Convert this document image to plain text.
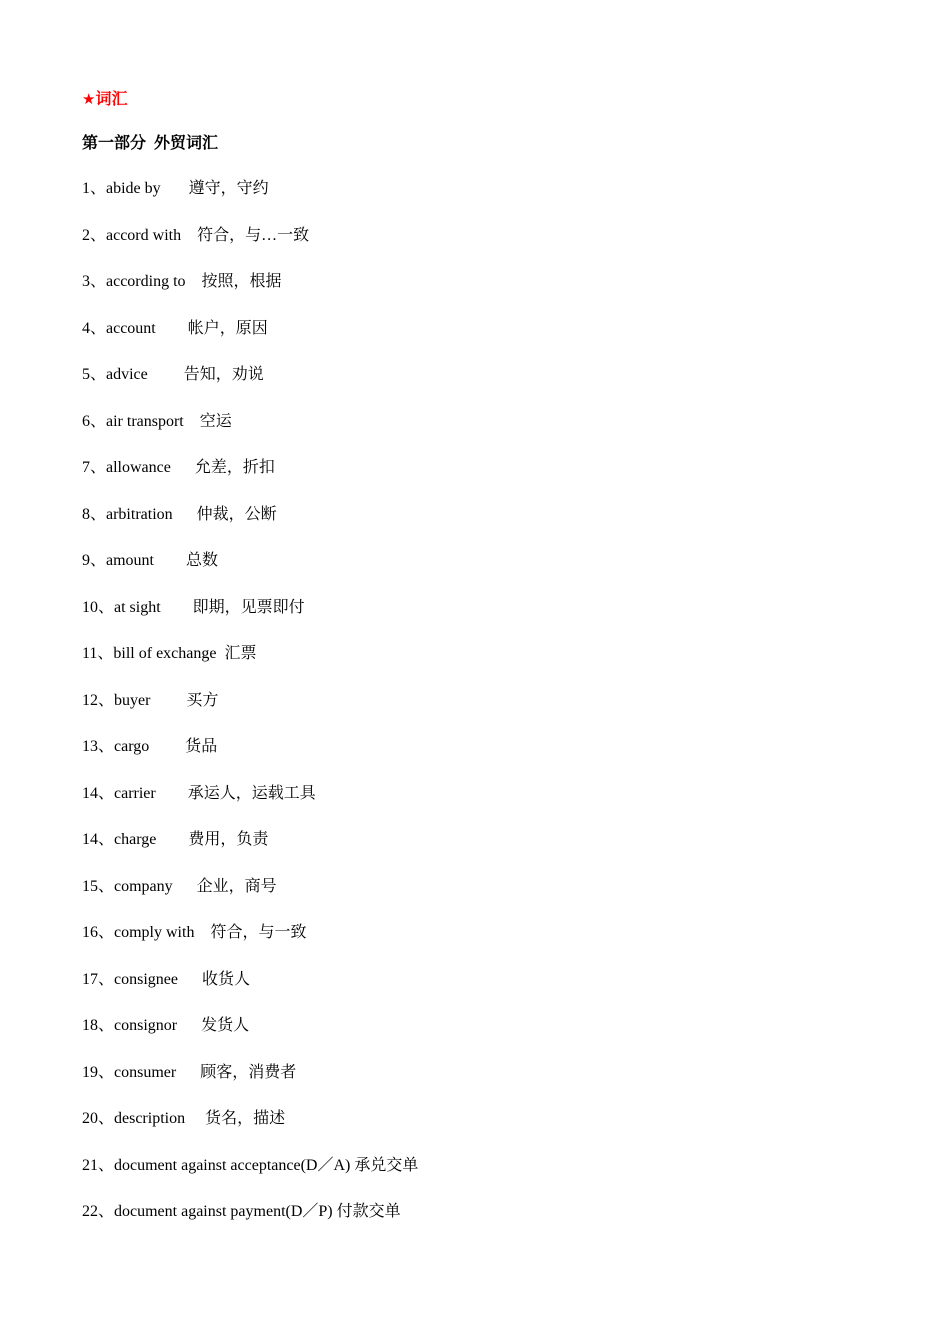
★词汇
第一部分  外贸词汇
1、abide by       遵守，守约
2、accord with    符合，与…一致
3、according to    按照，根据
4、account        帐户，原因
5、advice         告知，劝说
6、air transport    空运
7、allowance      允差，折扣
8、arbitration      仲裁，公断
9、amount        总数
10、at sight        即期，见票即付
11、bill of exchange  汇票
12、buyer         买方
13、cargo         货品
14、carrier        承运人，运载工具
14、charge        费用，负责
15、company      企业，商号
16、comply with    符合，与一致
17、consignee      收货人
18、consignor      发货人
19、consumer      顾客，消费者
20、description     货名，描述
21、document against acceptance(D／A) 承兑交单
22、document against payment(D／P) 付款交单
